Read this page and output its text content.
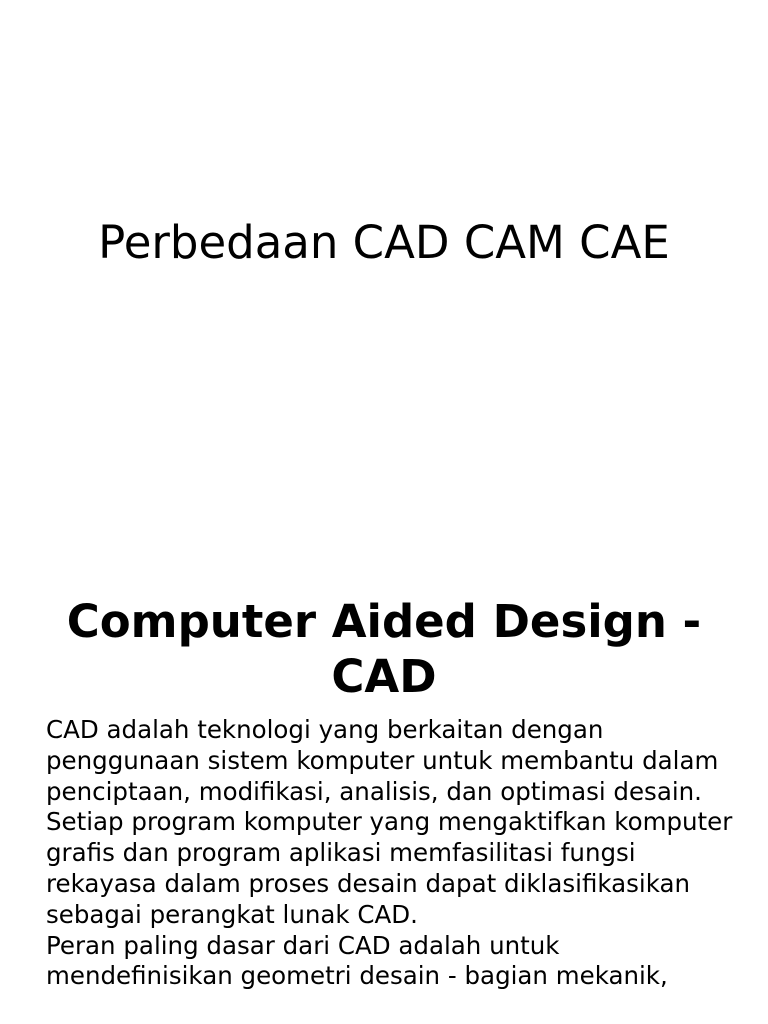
Perbedaan CAD CAM CAE
Computer Aided Design - CAD

CAD adalah teknologi yang berkaitan dengan penggunaan sistem komputer untuk membantu dalam penciptaan, modifikasi, analisis, dan optimasi desain. Setiap program komputer yang mengaktifkan komputer grafis dan program aplikasi memfasilitasi fungsi rekayasa dalam proses desain dapat diklasifikasikan sebagai perangkat lunak CAD.

Peran paling dasar dari CAD adalah untuk mendefinisikan geometri desain - bagian mekanik,
